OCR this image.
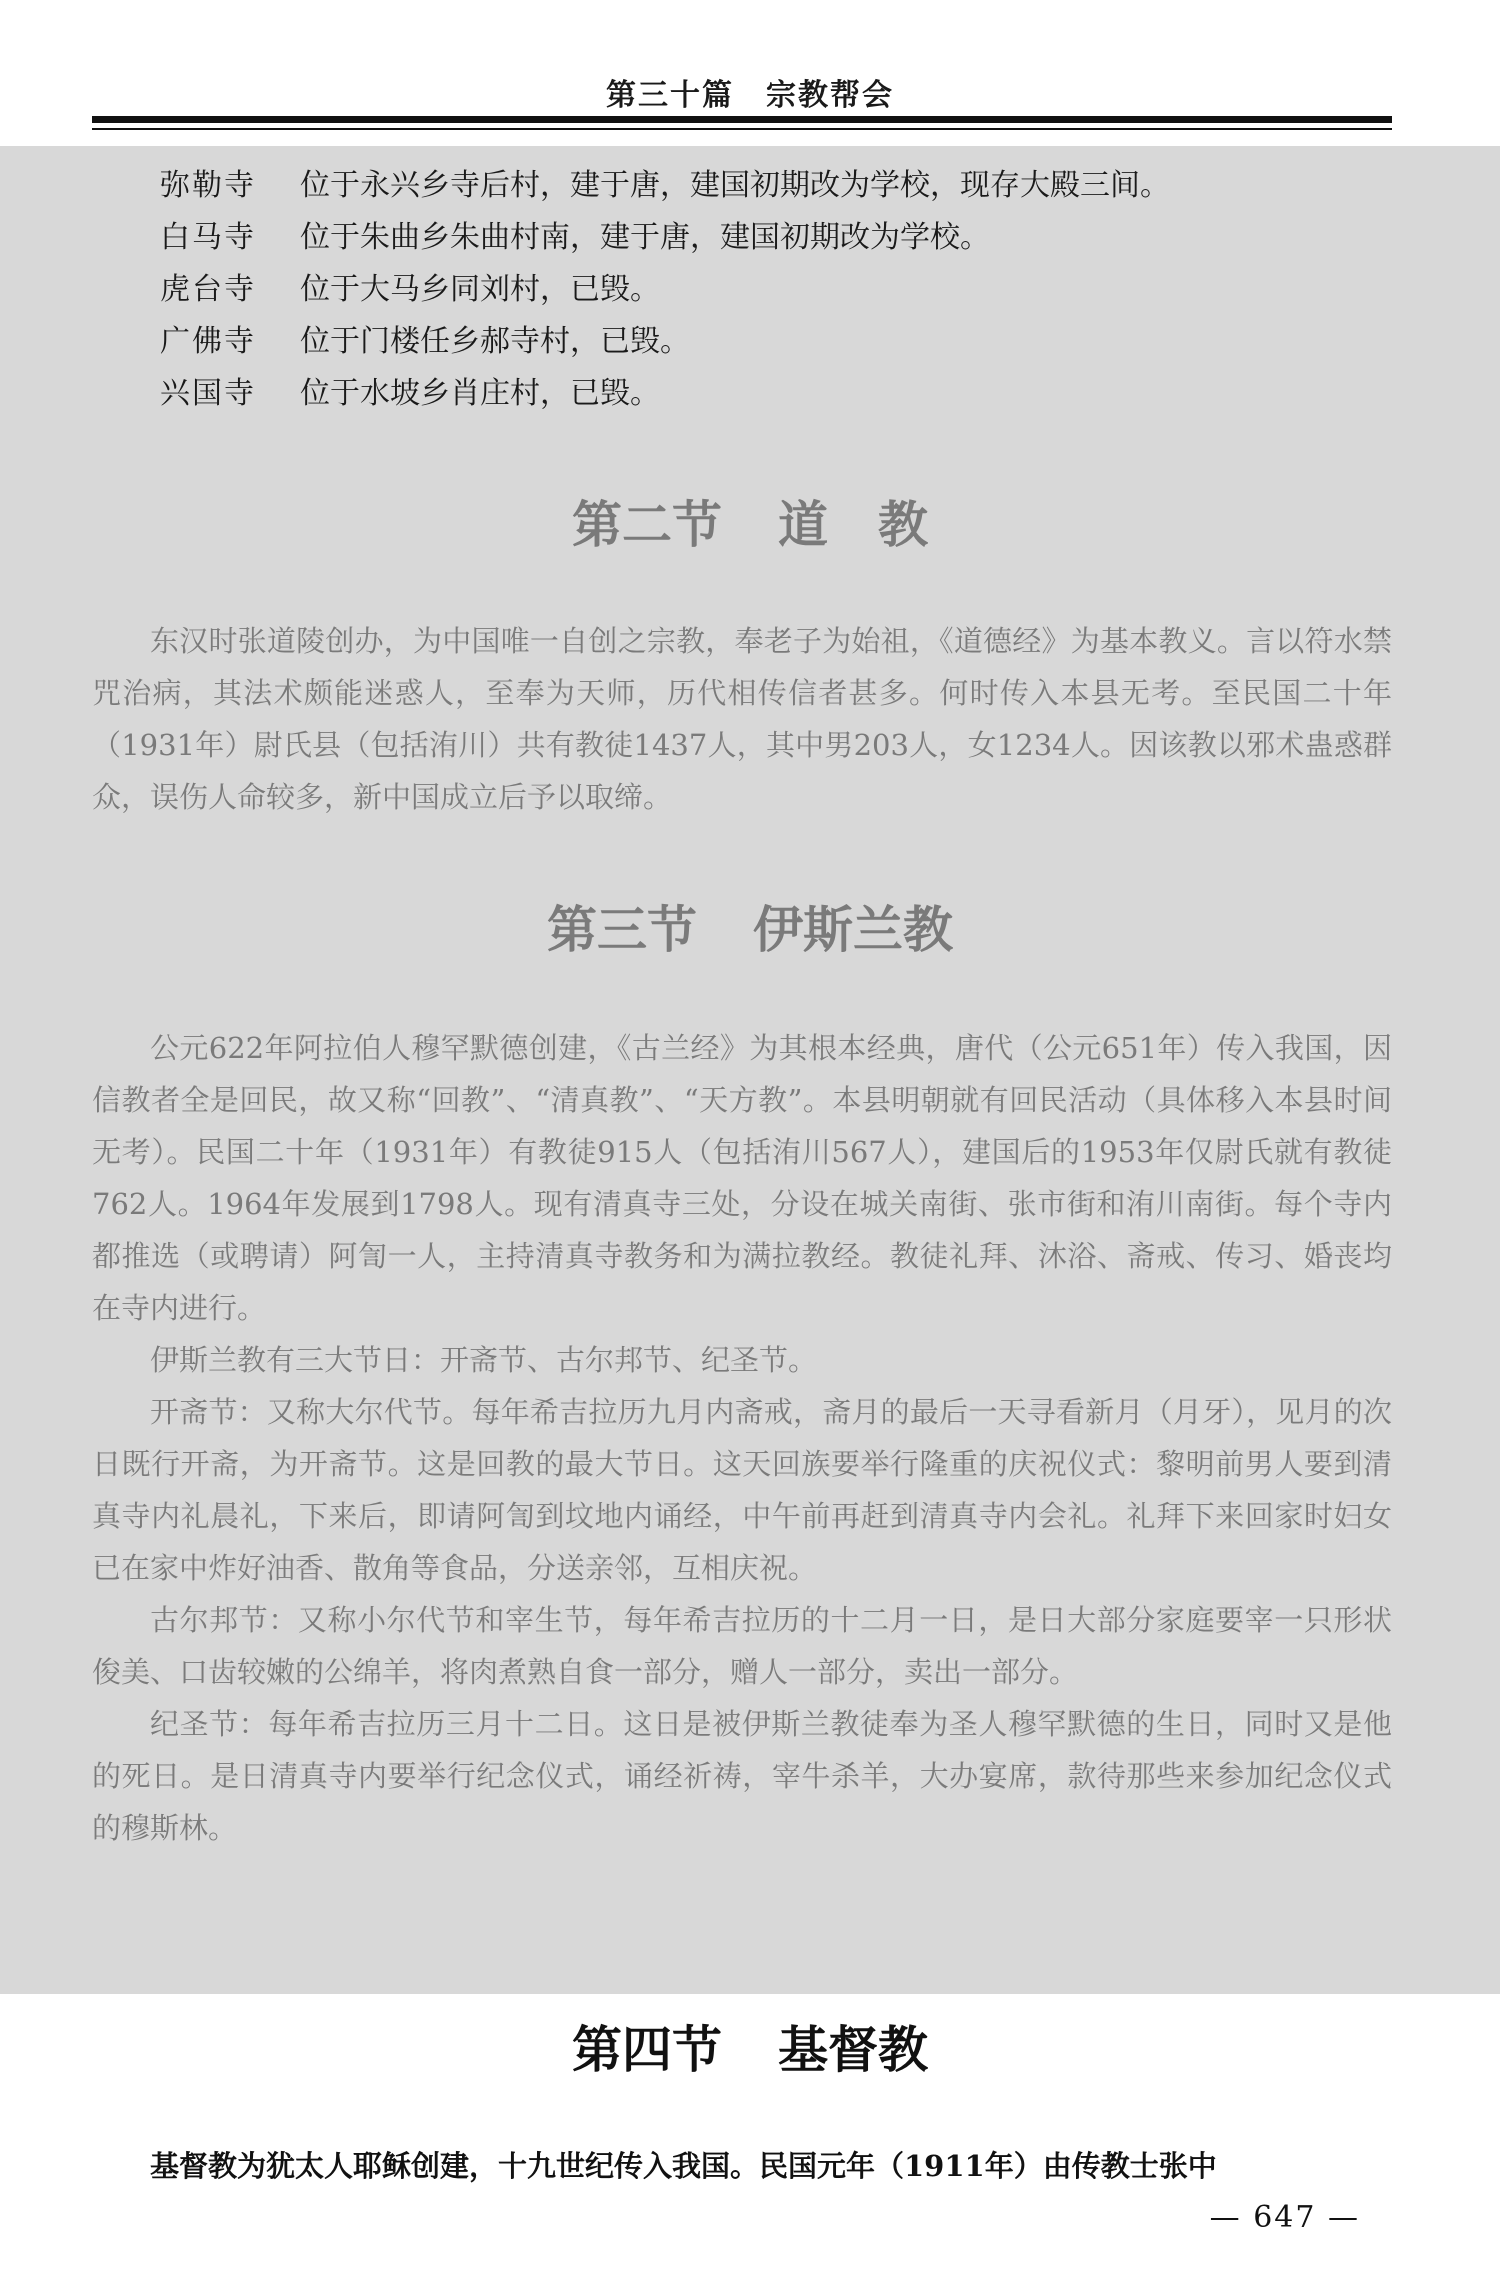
第三十篇　宗教帮会
弥勒寺 位于永兴乡寺后村，建于唐，建国初期改为学校，现存大殿三间。
白马寺 位于朱曲乡朱曲村南，建于唐，建国初期改为学校。
虎台寺 位于大马乡同刘村，已毁。
广佛寺 位于门楼任乡郝寺村，已毁。
兴国寺 位于水坡乡肖庄村，已毁。
第二节 道　教

东汉时张道陵创办，为中国唯一自创之宗教，奉老子为始祖，《道德经》为基本教义。言以符水禁咒治病，其法术颇能迷惑人，至奉为天师，历代相传信者甚多。何时传入本县无考。至民国二十年（1931年）尉氏县（包括洧川）共有教徒1437人，其中男203人，女1234人。因该教以邪术蛊惑群众，误伤人命较多，新中国成立后予以取缔。

第三节 伊斯兰教

公元622年阿拉伯人穆罕默德创建，《古兰经》为其根本经典，唐代（公元651年）传入我国，因信教者全是回民，故又称“回教”、“清真教”、“天方教”。本县明朝就有回民活动（具体移入本县时间无考）。民国二十年（1931年）有教徒915人（包括洧川567人），建国后的1953年仅尉氏就有教徒762人。1964年发展到1798人。现有清真寺三处，分设在城关南街、张市街和洧川南街。每个寺内都推选（或聘请）阿訇一人，主持清真寺教务和为满拉教经。教徒礼拜、沐浴、斋戒、传习、婚丧均在寺内进行。

伊斯兰教有三大节日：开斋节、古尔邦节、纪圣节。

开斋节：又称大尔代节。每年希吉拉历九月内斋戒，斋月的最后一天寻看新月（月牙），见月的次日既行开斋，为开斋节。这是回教的最大节日。这天回族要举行隆重的庆祝仪式：黎明前男人要到清真寺内礼晨礼，下来后，即请阿訇到坟地内诵经，中午前再赶到清真寺内会礼。礼拜下来回家时妇女已在家中炸好油香、散角等食品，分送亲邻，互相庆祝。

古尔邦节：又称小尔代节和宰生节，每年希吉拉历的十二月一日，是日大部分家庭要宰一只形状俊美、口齿较嫩的公绵羊，将肉煮熟自食一部分，赠人一部分，卖出一部分。

纪圣节：每年希吉拉历三月十二日。这日是被伊斯兰教徒奉为圣人穆罕默德的生日，同时又是他的死日。是日清真寺内要举行纪念仪式，诵经祈祷，宰牛杀羊，大办宴席，款待那些来参加纪念仪式的穆斯林。

第四节 基督教

基督教为犹太人耶稣创建，十九世纪传入我国。民国元年（1911年）由传教士张中

— 647 —
